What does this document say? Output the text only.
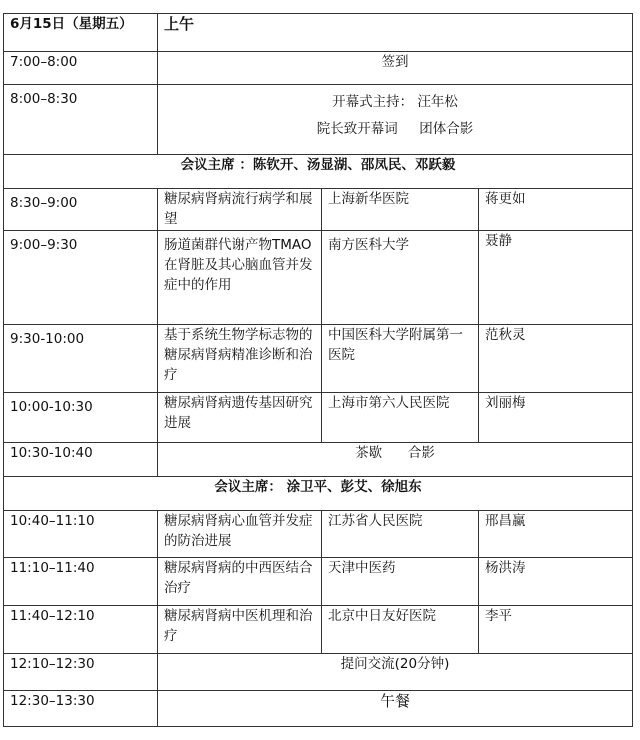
6月15日（星期五）	上午		
7:00–8:00	签到		
8:00–8:30	开幕式主持： 汪年松
院长致开幕词     团体合影		

会议主席 ：陈钦开、汤显湖、邵凤民、邓跃毅			
8:30–9:00	糖尿病肾病流行病学和展望	上海新华医院	蒋更如
9:00–9:30	肠道菌群代谢产物TMAO在肾脏及其心脑血管并发症中的作用	南方医科大学	聂静
9:30-10:00	基于系统生物学标志物的糖尿病肾病精准诊断和治疗	中国医科大学附属第一医院	范秋灵
10:00-10:30	糖尿病肾病遗传基因研究进展	上海市第六人民医院	刘丽梅
10:30-10:40	茶歇      合影		
会议主席： 涂卫平、彭艾、徐旭东			
10:40–11:10	糖尿病肾病心血管并发症的防治进展	江苏省人民医院	邢昌赢
11:10–11:40	糖尿病肾病的中西医结合治疗	天津中医药	杨洪涛
11:40–12:10	糖尿病肾病中医机理和治疗	北京中日友好医院	李平
12:10–12:30	提问交流(20分钟)		
12:30–13:30	午餐		
